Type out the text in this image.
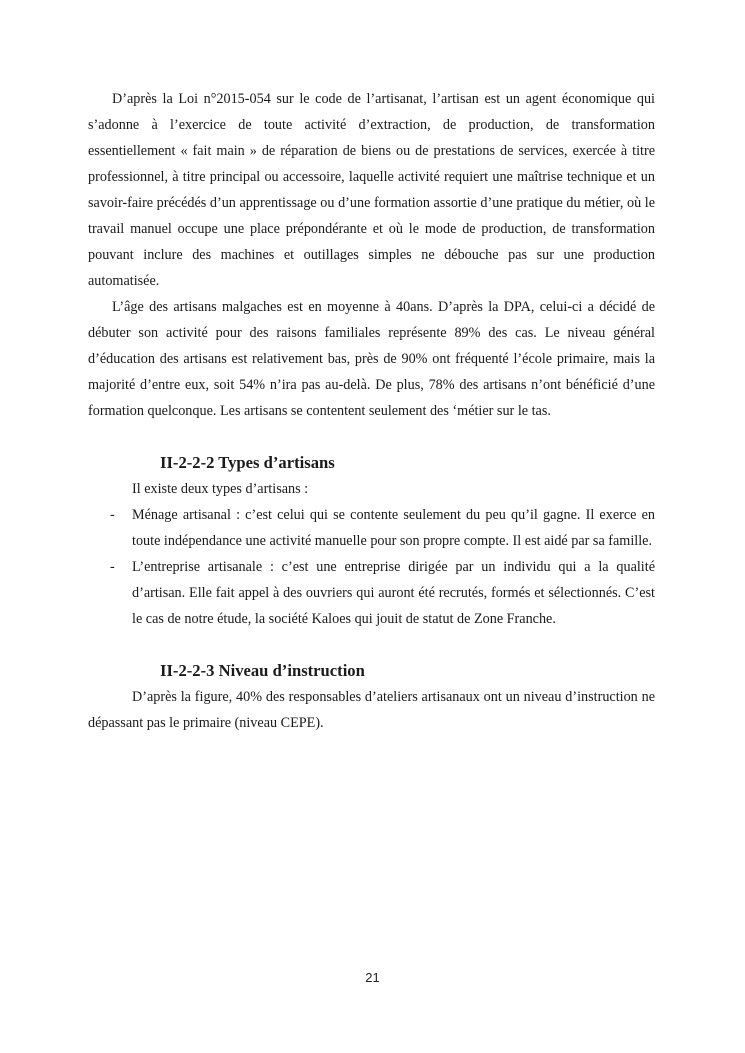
D’après la Loi n°2015-054 sur le code de l’artisanat, l’artisan est un agent économique qui s’adonne à l’exercice de toute activité d’extraction, de production, de transformation essentiellement « fait main » de réparation de biens ou de prestations de services, exercée à titre professionnel, à titre principal ou accessoire, laquelle activité requiert une maîtrise technique et un savoir-faire précédés d’un apprentissage ou d’une formation assortie d’une pratique du métier, où le travail manuel occupe une place prépondérante et où le mode de production, de transformation pouvant inclure des machines et outillages simples ne débouche pas sur une production automatisée.

L’âge des artisans malgaches est en moyenne à 40ans. D’après la DPA, celui-ci a décidé de débuter son activité pour des raisons familiales représente 89% des cas. Le niveau général d’éducation des artisans est relativement bas, près de 90% ont fréquenté l’école primaire, mais la majorité d’entre eux, soit 54% n’ira pas au-delà. De plus, 78% des artisans n’ont bénéficié d’une formation quelconque. Les artisans se contentent seulement des ‘métier sur le tas.

II-2-2-2 Types d’artisans

Il existe deux types d’artisans :

- Ménage artisanal : c’est celui qui se contente seulement du peu qu’il gagne. Il exerce en toute indépendance une activité manuelle pour son propre compte. Il est aidé par sa famille.
- L’entreprise artisanale : c’est une entreprise dirigée par un individu qui a la qualité d’artisan. Elle fait appel à des ouvriers qui auront été recrutés, formés et sélectionnés. C’est le cas de notre étude, la société Kaloes qui jouit de statut de Zone Franche.
II-2-2-3 Niveau d’instruction

D’après la figure, 40% des responsables d’ateliers artisanaux ont un niveau d’instruction ne dépassant pas le primaire (niveau CEPE).

21
